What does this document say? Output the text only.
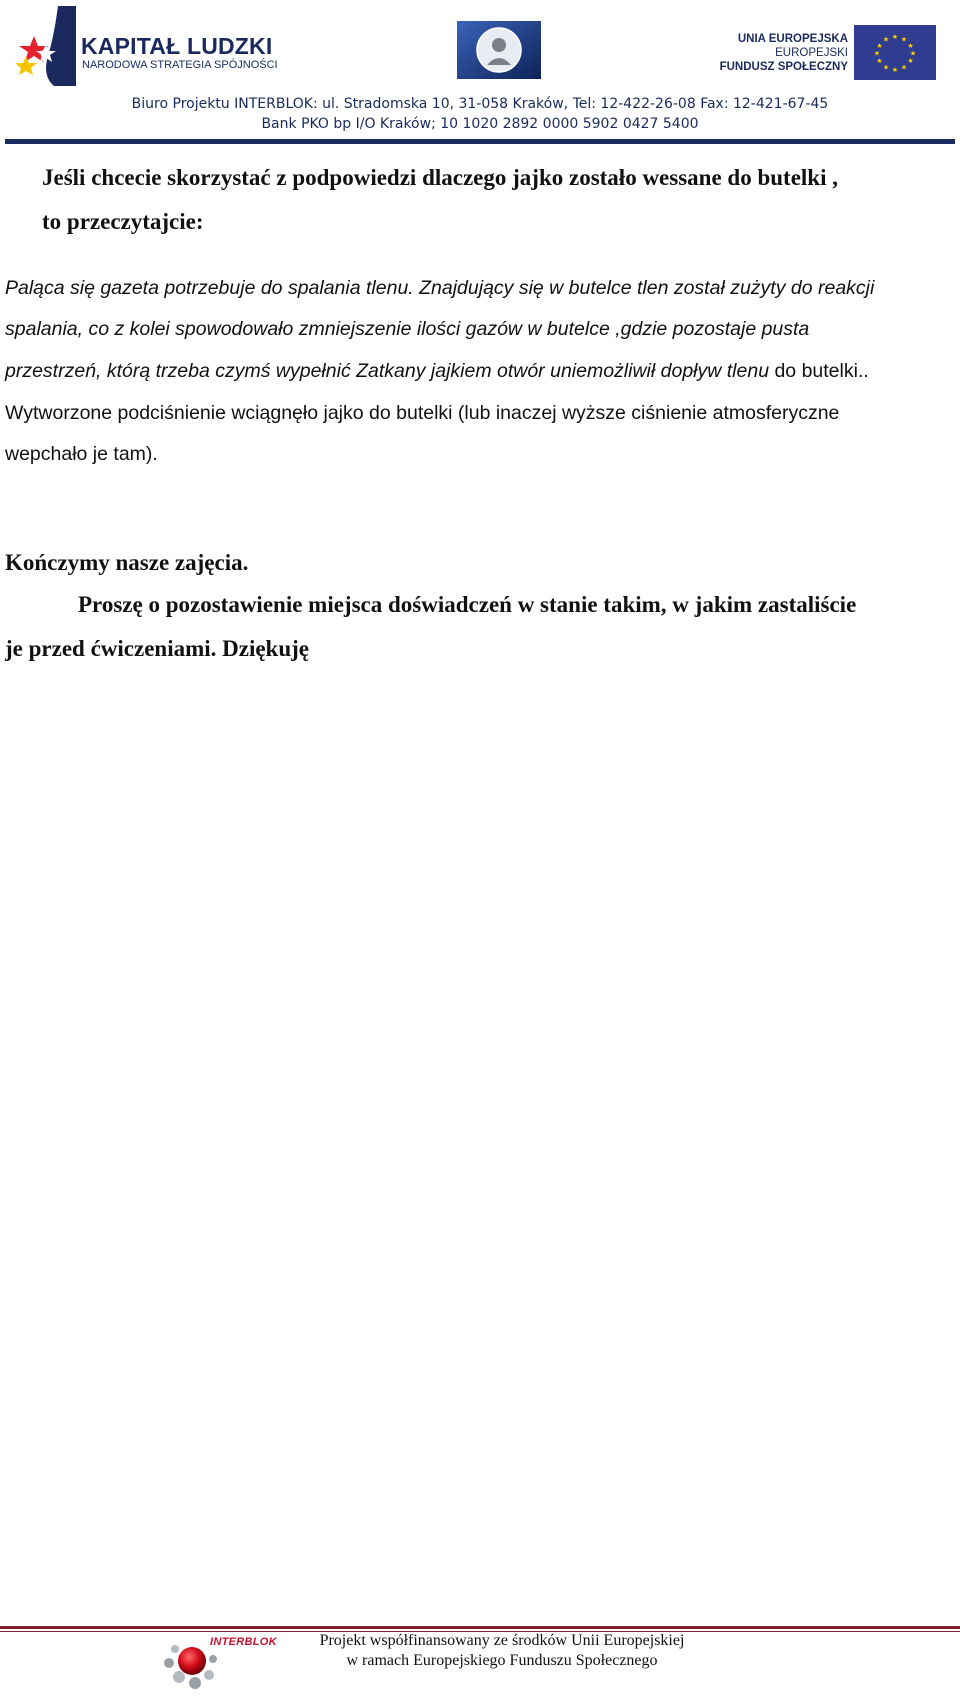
KAPITAŁ LUDZKI
NARODOWA STRATEGIA SPÓJNOŚCI
UNIA EUROPEJSKA
EUROPEJSKI
FUNDUSZ SPOŁECZNY
★ ★
★
★
★
★
★
★
★
★
★
★
Biuro Projektu INTERBLOK: ul. Stradomska 10, 31-058 Kraków, Tel: 12-422-26-08 Fax: 12-421-67-45
Bank PKO bp I/O Kraków; 10 1020 2892 0000 5902 0427 5400
Jeśli chcecie skorzystać z podpowiedzi dlaczego jajko zostało wessane do butelki ,
to przeczytajcie:
Paląca się gazeta potrzebuje do spalania tlenu. Znajdujący się w butelce tlen został zużyty do reakcji
spalania, co z kolei spowodowało zmniejszenie ilości gazów w butelce ,gdzie pozostaje pusta
przestrzeń, którą trzeba czymś wypełnić Zatkany jajkiem otwór uniemożliwił dopływ tlenu do butelki..
Wytworzone podciśnienie wciągnęło jajko do butelki (lub inaczej wyższe ciśnienie atmosferyczne
wepchało je tam).
Kończymy nasze zajęcia.
Proszę o pozostawienie miejsca doświadczeń w stanie takim, w jakim zastaliście
je przed ćwiczeniami. Dziękuję
INTERBLOK	Projekt współfinansowany ze środków Unii Europejskiej
w ramach Europejskiego Funduszu Społecznego
